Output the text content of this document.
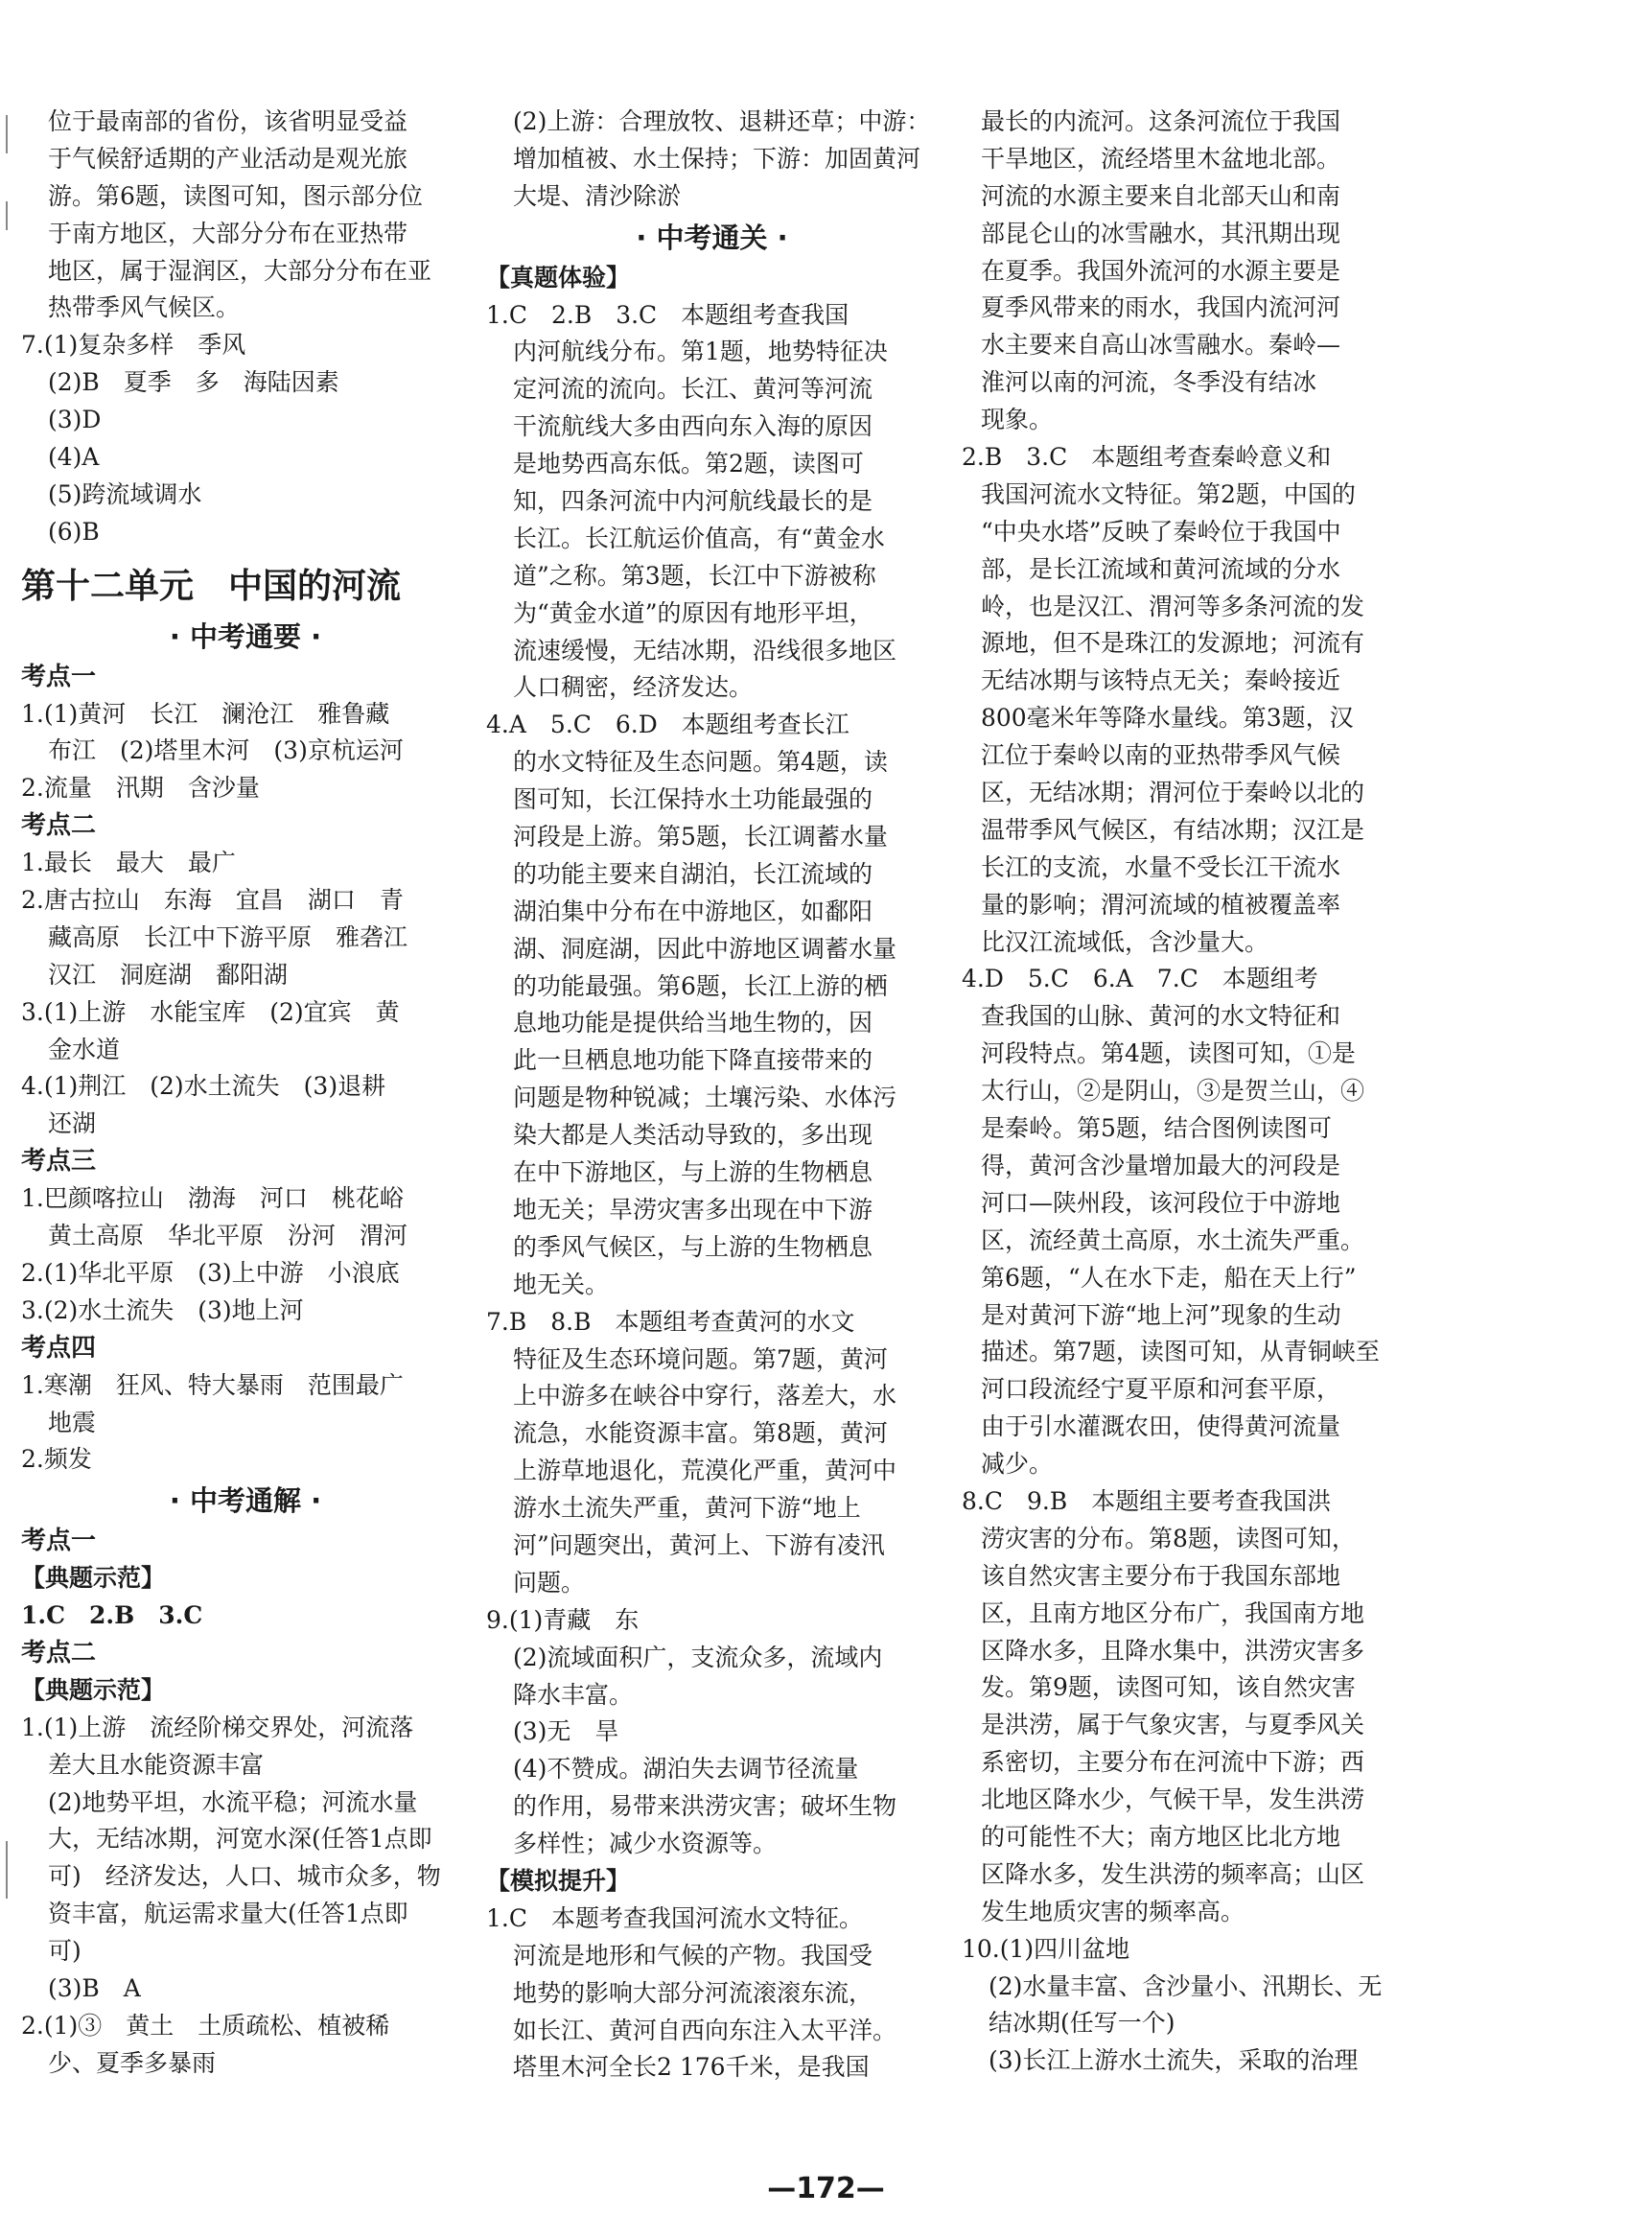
位于最南部的省份，该省明显受益
于气候舒适期的产业活动是观光旅
游。第6题，读图可知，图示部分位
于南方地区，大部分分布在亚热带
地区，属于湿润区，大部分分布在亚
热带季风气候区。
7.(1)复杂多样　季风
(2)B　夏季　多　海陆因素
(3)D
(4)A
(5)跨流域调水
(6)B
第十二单元　中国的河流
· 中考通要 ·
考点一
1.(1)黄河　长江　澜沧江　雅鲁藏
布江　(2)塔里木河　(3)京杭运河
2.流量　汛期　含沙量
考点二
1.最长　最大　最广
2.唐古拉山　东海　宜昌　湖口　青
藏高原　长江中下游平原　雅砻江
汉江　洞庭湖　鄱阳湖
3.(1)上游　水能宝库　(2)宜宾　黄
金水道
4.(1)荆江　(2)水土流失　(3)退耕
还湖
考点三
1.巴颜喀拉山　渤海　河口　桃花峪
黄土高原　华北平原　汾河　渭河
2.(1)华北平原　(3)上中游　小浪底
3.(2)水土流失　(3)地上河
考点四
1.寒潮　狂风、特大暴雨　范围最广
地震
2.频发
· 中考通解 ·
考点一
【典题示范】
1.C　2.B　3.C
考点二
【典题示范】
1.(1)上游　流经阶梯交界处，河流落
差大且水能资源丰富
(2)地势平坦，水流平稳；河流水量
大，无结冰期，河宽水深(任答1点即
可)　经济发达，人口、城市众多，物
资丰富，航运需求量大(任答1点即
可)
(3)B　A
2.(1)③　黄土　土质疏松、植被稀
少、夏季多暴雨
(2)上游：合理放牧、退耕还草；中游：
增加植被、水土保持；下游：加固黄河
大堤、清沙除淤
· 中考通关 ·
【真题体验】
1.C　2.B　3.C　本题组考查我国
内河航线分布。第1题，地势特征决
定河流的流向。长江、黄河等河流
干流航线大多由西向东入海的原因
是地势西高东低。第2题，读图可
知，四条河流中内河航线最长的是
长江。长江航运价值高，有“黄金水
道”之称。第3题，长江中下游被称
为“黄金水道”的原因有地形平坦，
流速缓慢，无结冰期，沿线很多地区
人口稠密，经济发达。
4.A　5.C　6.D　本题组考查长江
的水文特征及生态问题。第4题，读
图可知，长江保持水土功能最强的
河段是上游。第5题，长江调蓄水量
的功能主要来自湖泊，长江流域的
湖泊集中分布在中游地区，如鄱阳
湖、洞庭湖，因此中游地区调蓄水量
的功能最强。第6题，长江上游的栖
息地功能是提供给当地生物的，因
此一旦栖息地功能下降直接带来的
问题是物种锐减；土壤污染、水体污
染大都是人类活动导致的，多出现
在中下游地区，与上游的生物栖息
地无关；旱涝灾害多出现在中下游
的季风气候区，与上游的生物栖息
地无关。
7.B　8.B　本题组考查黄河的水文
特征及生态环境问题。第7题，黄河
上中游多在峡谷中穿行，落差大，水
流急，水能资源丰富。第8题，黄河
上游草地退化，荒漠化严重，黄河中
游水土流失严重，黄河下游“地上
河”问题突出，黄河上、下游有凌汛
问题。
9.(1)青藏　东
(2)流域面积广，支流众多，流域内
降水丰富。
(3)无　旱
(4)不赞成。湖泊失去调节径流量
的作用，易带来洪涝灾害；破坏生物
多样性；减少水资源等。
【模拟提升】
1.C　本题考查我国河流水文特征。
河流是地形和气候的产物。我国受
地势的影响大部分河流滚滚东流，
如长江、黄河自西向东注入太平洋。
塔里木河全长2 176千米，是我国
最长的内流河。这条河流位于我国
干旱地区，流经塔里木盆地北部。
河流的水源主要来自北部天山和南
部昆仑山的冰雪融水，其汛期出现
在夏季。我国外流河的水源主要是
夏季风带来的雨水，我国内流河河
水主要来自高山冰雪融水。秦岭—
淮河以南的河流，冬季没有结冰
现象。
2.B　3.C　本题组考查秦岭意义和
我国河流水文特征。第2题，中国的
“中央水塔”反映了秦岭位于我国中
部，是长江流域和黄河流域的分水
岭，也是汉江、渭河等多条河流的发
源地，但不是珠江的发源地；河流有
无结冰期与该特点无关；秦岭接近
800毫米年等降水量线。第3题，汉
江位于秦岭以南的亚热带季风气候
区，无结冰期；渭河位于秦岭以北的
温带季风气候区，有结冰期；汉江是
长江的支流，水量不受长江干流水
量的影响；渭河流域的植被覆盖率
比汉江流域低，含沙量大。
4.D　5.C　6.A　7.C　本题组考
查我国的山脉、黄河的水文特征和
河段特点。第4题，读图可知，①是
太行山，②是阴山，③是贺兰山，④
是秦岭。第5题，结合图例读图可
得，黄河含沙量增加最大的河段是
河口—陕州段，该河段位于中游地
区，流经黄土高原，水土流失严重。
第6题，“人在水下走，船在天上行”
是对黄河下游“地上河”现象的生动
描述。第7题，读图可知，从青铜峡至
河口段流经宁夏平原和河套平原，
由于引水灌溉农田，使得黄河流量
减少。
8.C　9.B　本题组主要考查我国洪
涝灾害的分布。第8题，读图可知，
该自然灾害主要分布于我国东部地
区，且南方地区分布广，我国南方地
区降水多，且降水集中，洪涝灾害多
发。第9题，读图可知，该自然灾害
是洪涝，属于气象灾害，与夏季风关
系密切，主要分布在河流中下游；西
北地区降水少，气候干旱，发生洪涝
的可能性不大；南方地区比北方地
区降水多，发生洪涝的频率高；山区
发生地质灾害的频率高。
10.(1)四川盆地
(2)水量丰富、含沙量小、汛期长、无
结冰期(任写一个)
(3)长江上游水土流失，采取的治理
—172—
